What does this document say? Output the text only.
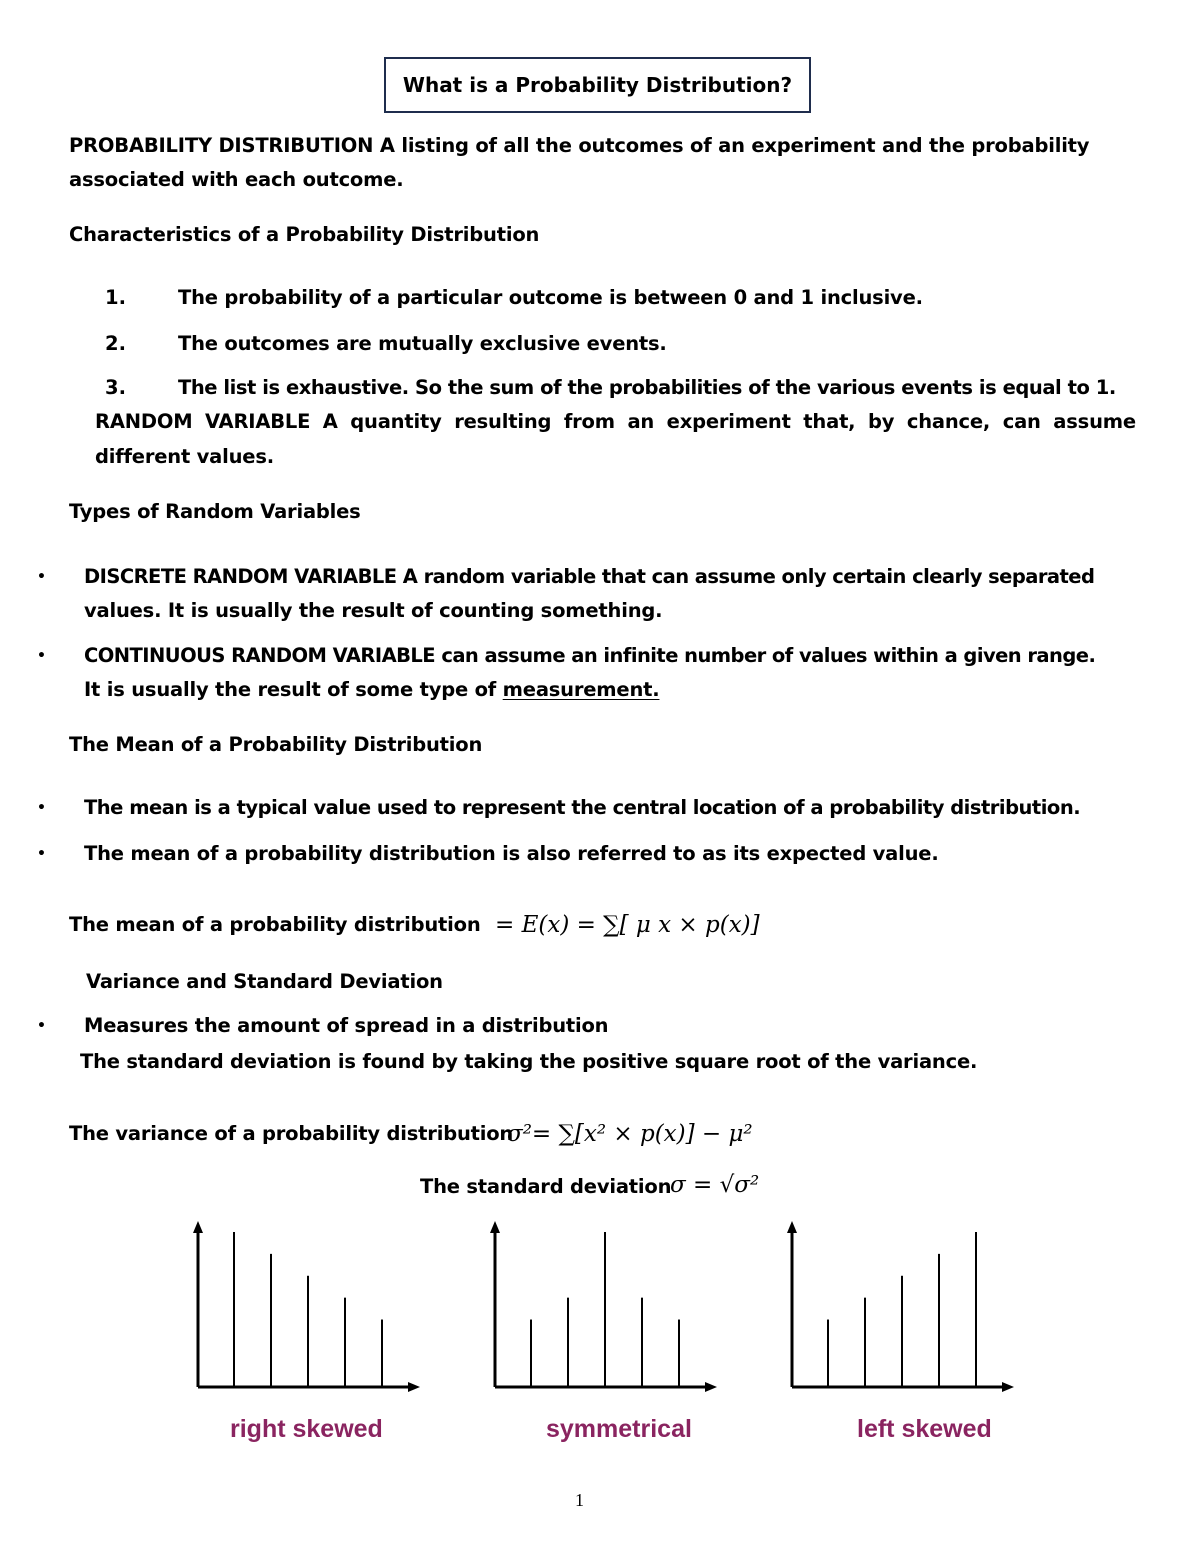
What is a Probability Distribution?
PROBABILITY DISTRIBUTION A listing of all the outcomes of an experiment and the probability
associated with each outcome.
Characteristics of a Probability Distribution
1.	The probability of a particular outcome is between 0 and 1 inclusive.
2.	The outcomes are mutually exclusive events.
3.	The list is exhaustive. So the sum of the probabilities of the various events is equal to 1.
RANDOM VARIABLE A quantity resulting from an experiment that, by chance, can assume
different values.
Types of Random Variables
• DISCRETE RANDOM VARIABLE A random variable that can assume only certain clearly separated
values. It is usually the result of counting something.
• CONTINUOUS RANDOM VARIABLE can assume an infinite number of values within a given range.
It is usually the result of some type of measurement.
The Mean of a Probability Distribution
• The mean is a typical value used to represent the central location of a probability distribution.
• The mean of a probability distribution is also referred to as its expected value.
The mean of a probability distribution = E(x) = ∑[ μ x × p(x)]
Variance and Standard Deviation
• Measures the amount of spread in a distribution
The standard deviation is found by taking the positive square root of the variance.
The variance of a probability distribution
σ²= ∑[x² × p(x)] − μ²
The standard deviation
σ = √σ²
right skewed	symmetrical	left skewed
1
